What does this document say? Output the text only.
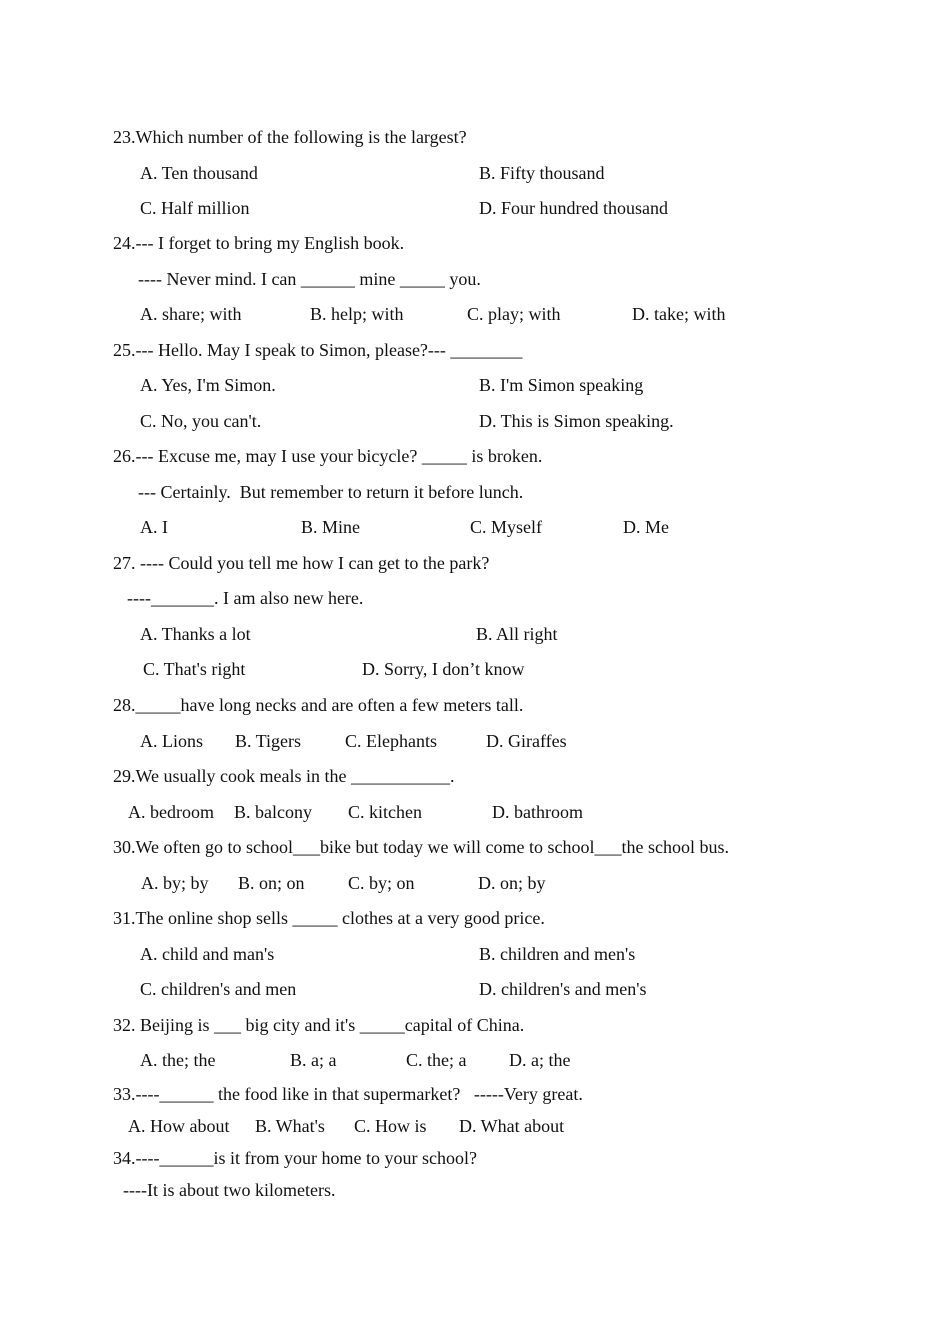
23.Which number of the following is the largest?
A. Ten thousand	B. Fifty thousand
C. Half million	D. Four hundred thousand
24.--- I forget to bring my English book.
---- Never mind. I can ______ mine _____ you.
A. share; with	B. help; with	C. play; with	D. take; with
25.--- Hello. May I speak to Simon, please?--- ________
A. Yes, I'm Simon.	B. I'm Simon speaking
C. No, you can't.	D. This is Simon speaking.
26.--- Excuse me, may I use your bicycle? _____ is broken.
--- Certainly.  But remember to return it before lunch.
A. I	B. Mine	C. Myself	D. Me
27. ---- Could you tell me how I can get to the park?
----_______. I am also new here.
A. Thanks a lot	B. All right
C. That's right	D. Sorry, I don’t know
28._____have long necks and are often a few meters tall.
A. Lions B. Tigers C. Elephants	D. Giraffes
29.We usually cook meals in the ___________.
A. bedroom B. balcony C. kitchen	D. bathroom
30.We often go to school___bike but today we will come to school___the school bus.
A. by; by B. on; on C. by; on	D. on; by
31.The online shop sells _____ clothes at a very good price.
A. child and man's	B. children and men's
C. children's and men	D. children's and men's
32. Beijing is ___ big city and it's _____capital of China.
A. the; the	B. a; a	C. the; a D. a; the
33.----______ the food like in that supermarket?   -----Very great.
A. How about B. What's C. How is D. What about
34.----______is it from your home to your school?
----It is about two kilometers.
